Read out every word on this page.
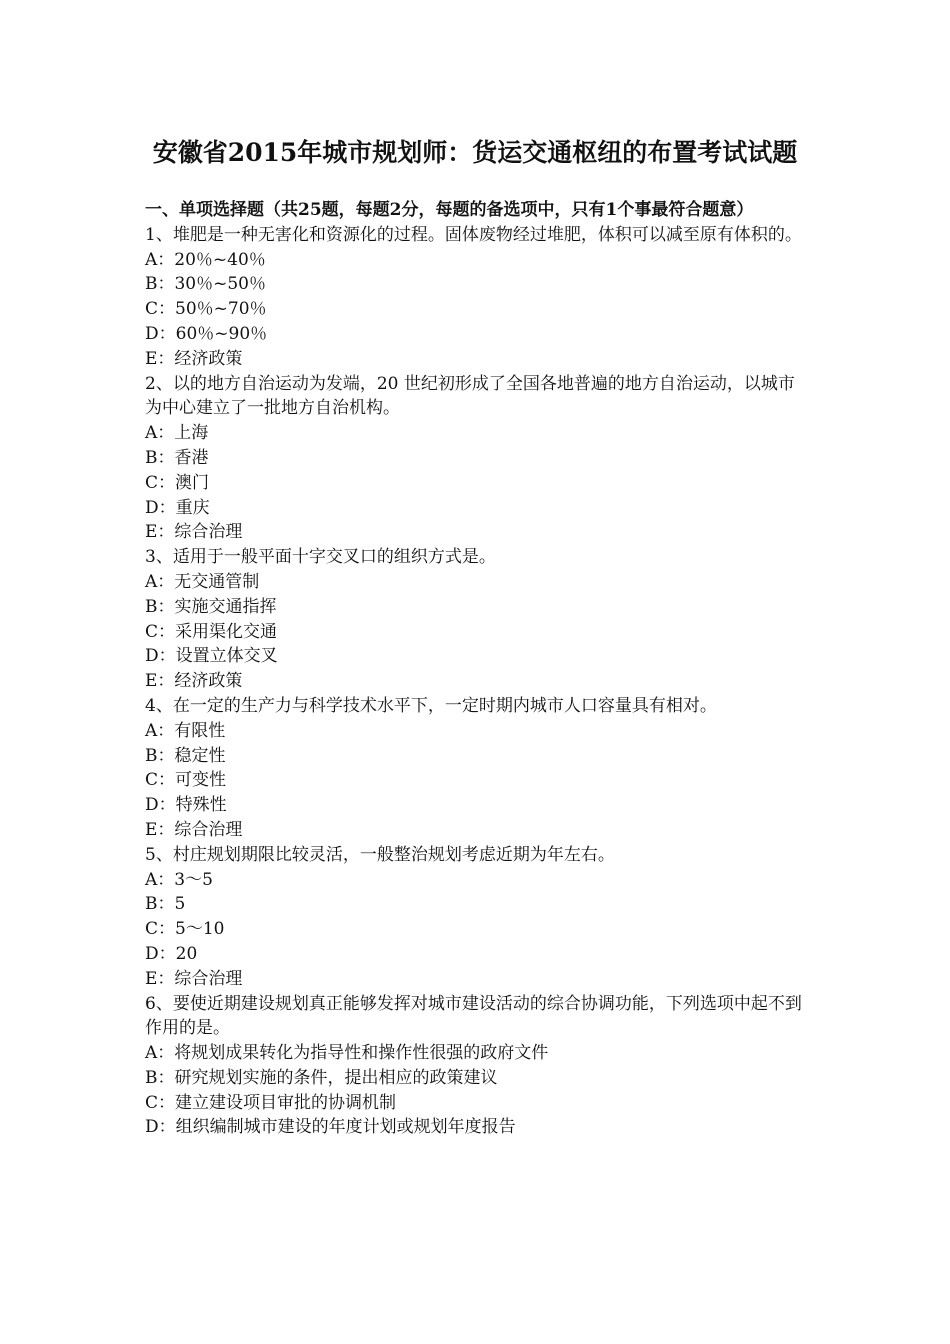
安徽省2015年城市规划师：货运交通枢纽的布置考试试题

一、单项选择题（共25题，每题2分，每题的备选项中，只有1个事最符合题意）

1、堆肥是一种无害化和资源化的过程。固体废物经过堆肥，体积可以减至原有体积的。

A：20％~40％

B：30％~50％

C：50％~70％

D：60％~90％

E：经济政策

2、以的地方自治运动为发端，20 世纪初形成了全国各地普遍的地方自治运动，以城市为中心建立了一批地方自治机构。

A：上海

B：香港

C：澳门

D：重庆

E：综合治理

3、适用于一般平面十字交叉口的组织方式是。

A：无交通管制

B：实施交通指挥

C：采用渠化交通

D：设置立体交叉

E：经济政策

4、在一定的生产力与科学技术水平下，一定时期内城市人口容量具有相对。

A：有限性

B：稳定性

C：可变性

D：特殊性

E：综合治理

5、村庄规划期限比较灵活，一般整治规划考虑近期为年左右。

A：3～5

B：5

C：5～10

D：20

E：综合治理

6、要使近期建设规划真正能够发挥对城市建设活动的综合协调功能，下列选项中起不到作用的是。

A：将规划成果转化为指导性和操作性很强的政府文件

B：研究规划实施的条件，提出相应的政策建议

C：建立建设项目审批的协调机制

D：组织编制城市建设的年度计划或规划年度报告
